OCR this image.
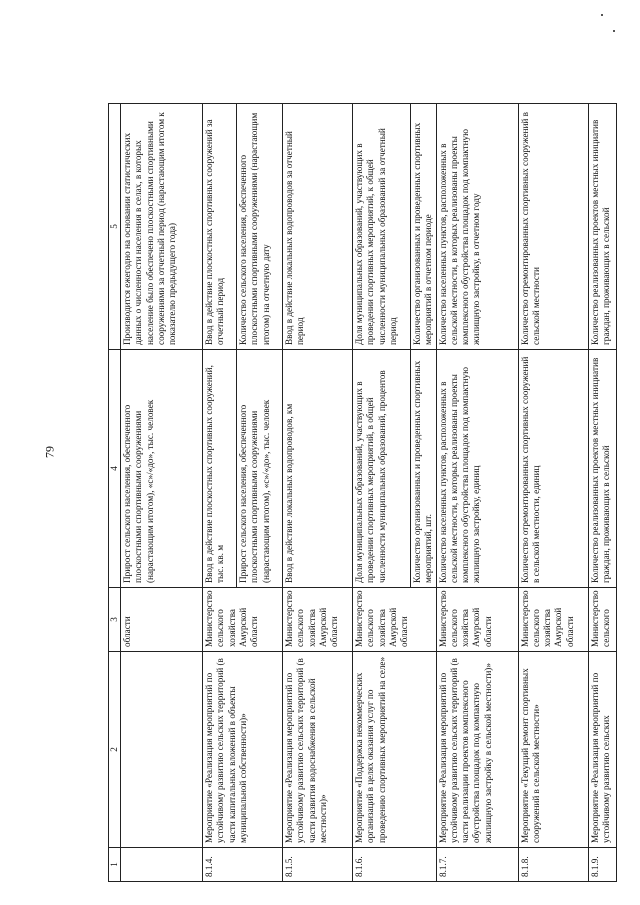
79
1	2	3	4	5
		области	Прирост сельского населения, обеспеченного плоскостными спортивными сооружениями (нарастающим итогом), «с»/«до», тыс. человек	Производится ежегодно на основании статистических данных о численности населения в селах, в которых население было обеспечено плоскостными спортивными сооружениями за отчетный период (нарастающим итогом к показателю предыдущего года)
8.1.4.	Мероприятие «Реализация мероприятий по устойчивому развитию сельских территорий (в части капитальных вложений в объекты муниципальной собственности)»	Министерство сельского хозяйства Амурской области	Ввод в действие плоскостных спортивных сооружений, тыс. кв. м	Ввод в действие плоскостных спортивных сооружений за отчетный период
			Прирост сельского населения, обеспеченного плоскостными спортивными сооружениями (нарастающим итогом), «с»/«до», тыс. человек	Количество сельского населения, обеспеченного плоскостными спортивными сооружениями (нарастающим итогом) на отчетную дату
8.1.5.	Мероприятие «Реализация мероприятий по устойчивому развитию сельских территорий (в части развития водоснабжения в сельской местности)»	Министерство сельского хозяйства Амурской области	Ввод в действие локальных водопроводов, км	Ввод в действие локальных водопроводов за отчетный период
8.1.6.	Мероприятие «Поддержка некоммерческих организаций в целях оказания услуг по проведению спортивных мероприятий на селе»	Министерство сельского хозяйства Амурской области	Доля муниципальных образований, участвующих в проведении спортивных мероприятий, в общей численности муниципальных образований, процентов	Доля муниципальных образований, участвующих в проведении спортивных мероприятий, к общей численности муниципальных образований за отчетный период
			Количество организованных и проведенных спортивных мероприятий, шт.	Количество организованных и проведенных спортивных мероприятий в отчетном периоде
8.1.7.	Мероприятие «Реализация мероприятий по устойчивому развитию сельских территорий (в части реализации проектов комплексного обустройства площадок под компактную жилищную застройку в сельской местности)»	Министерство сельского хозяйства Амурской области	Количество населенных пунктов, расположенных в сельской местности, в которых реализованы проекты комплексного обустройства площадок под компактную жилищную застройку, единиц	Количество населенных пунктов, расположенных в сельской местности, в которых реализованы проекты комплексного обустройства площадок под компактную жилищную застройку, в отчетном году
8.1.8.	Мероприятие «Текущий ремонт спортивных сооружений в сельской местности»	Министерство сельского хозяйства Амурской области	Количество отремонтированных спортивных сооружений в сельской местности, единиц	Количество отремонтированных спортивных сооружений в сельской местности
8.1.9.	Мероприятие «Реализация мероприятий по устойчивому развитию сельских	Министерство сельского	Количество реализованных проектов местных инициатив граждан, проживающих в сельской	Количество реализованных проектов местных инициатив граждан, проживающих в сельской
